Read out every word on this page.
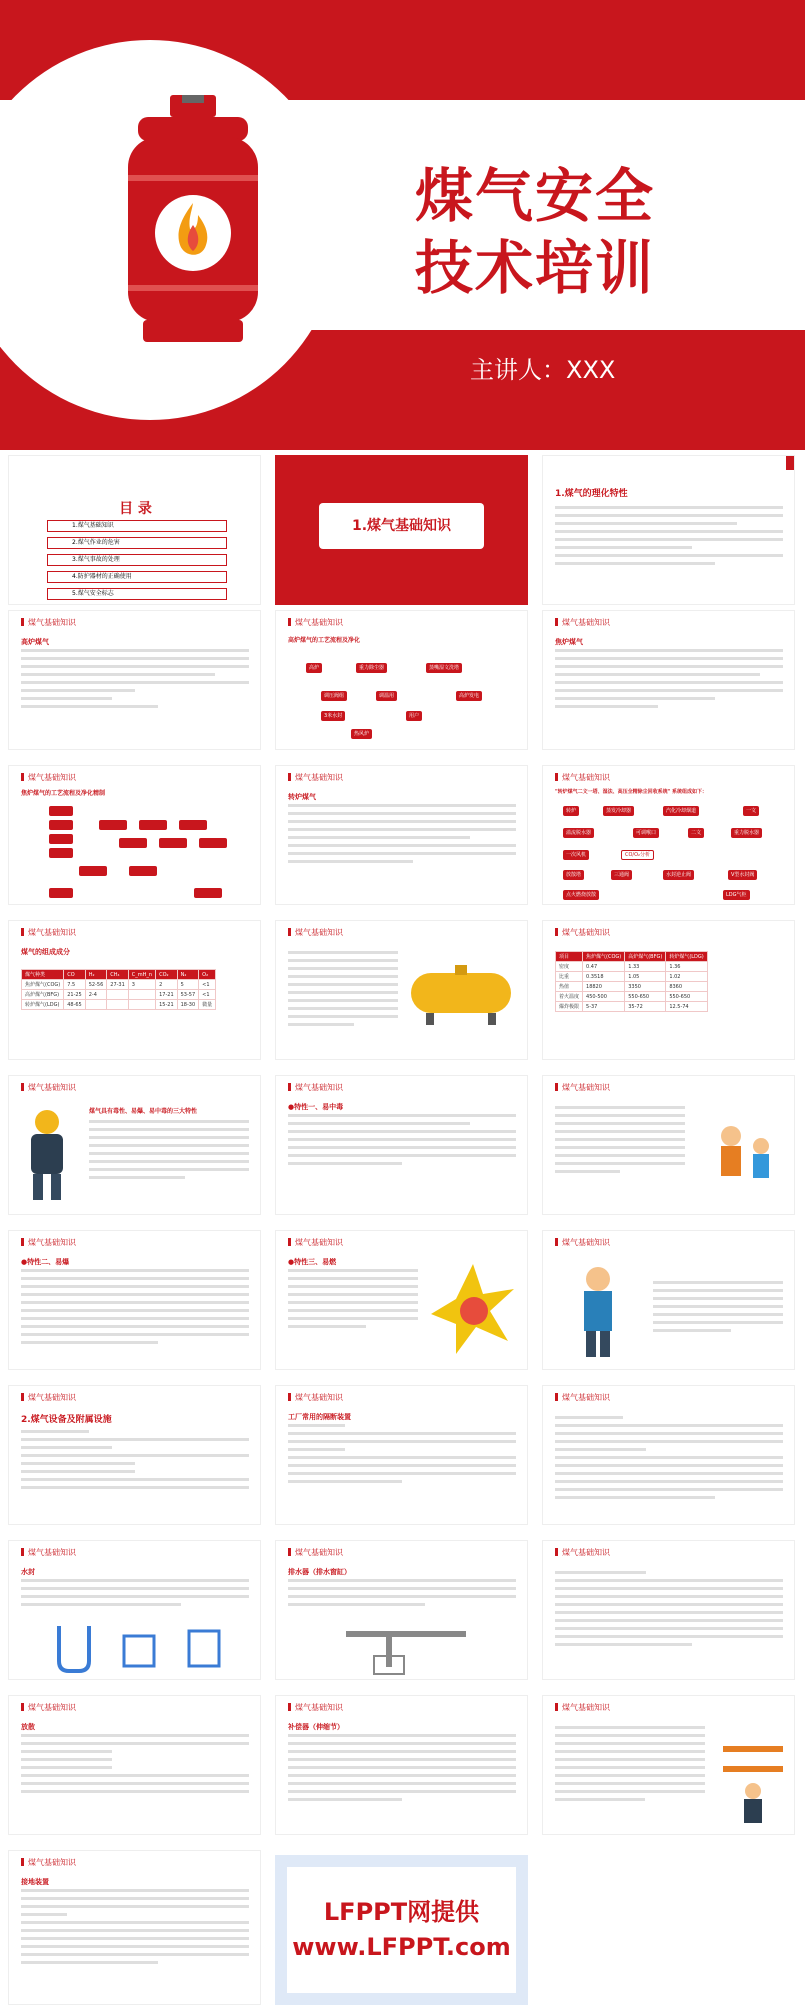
煤气安全
技术培训
主讲人：XXX
目 录
1.煤气基础知识
2.煤气作业的危害
3.煤气事故的处理
4.防护器材的正确使用
5.煤气安全标志
1.煤气基础知识
1.煤气的理化特性
煤气基础知识
高炉煤气
煤气基础知识
高炉煤气的工艺流程及净化
高炉	重力除尘器	蒸嘴湿文洗塔
调压阀组	调温用	高炉发电
3米水封	用户
热风炉
煤气基础知识
焦炉煤气
煤气基础知识
焦炉煤气的工艺流程及净化精制
煤气基础知识
转炉煤气
煤气基础知识
"转炉煤气二文一塔、湿法、高压全精除尘回收系统" 系统组成如下：
转炉	蒸发冷却器	汽化冷却烟道	一文
溢流脱水器	可调喉口	二文	重力脱水器
一次风机	CO/O₂分析
放散塔	三通阀	水封逆止阀	V型水封阀
点火燃烧放散	LDG气柜
煤气基础知识
煤气的组成成分
煤气种类	CO	H₂	CH₄	C_mH_n	CO₂	N₂	O₂
焦炉煤气(COG)	7.5	52-56	27-31	3	2	5	<1
高炉煤气(BFG)	21-25	2-4			17-21	53-57	<1
转炉煤气(LDG)	48-65				15-21	18-30	微量
煤气基础知识	煤气基础知识
项目	焦炉煤气(COG)	高炉煤气(BFG)	转炉煤气(LDG)
密度	0.47	1.33	1.36
比重	0.3518	1.05	1.02
热值	18820	3350	8360
着火温度	450-500	550-650	550-650
爆炸极限	5-37	35-72	12.5-74
煤气基础知识
煤气具有毒性、易爆、易中毒的三大特性
煤气基础知识
●特性一、易中毒
煤气基础知识
煤气基础知识
●特性二、易爆
煤气基础知识
●特性三、易燃
煤气基础知识
煤气基础知识
2.煤气设备及附属设施
煤气基础知识
工厂常用的隔断装置
煤气基础知识
煤气基础知识
水封
煤气基础知识
排水器（排水窗缸）
煤气基础知识
煤气基础知识
放散
煤气基础知识
补偿器（伸缩节）
煤气基础知识
煤气基础知识
接地装置
LFPPT网提供
www.LFPPT.com
